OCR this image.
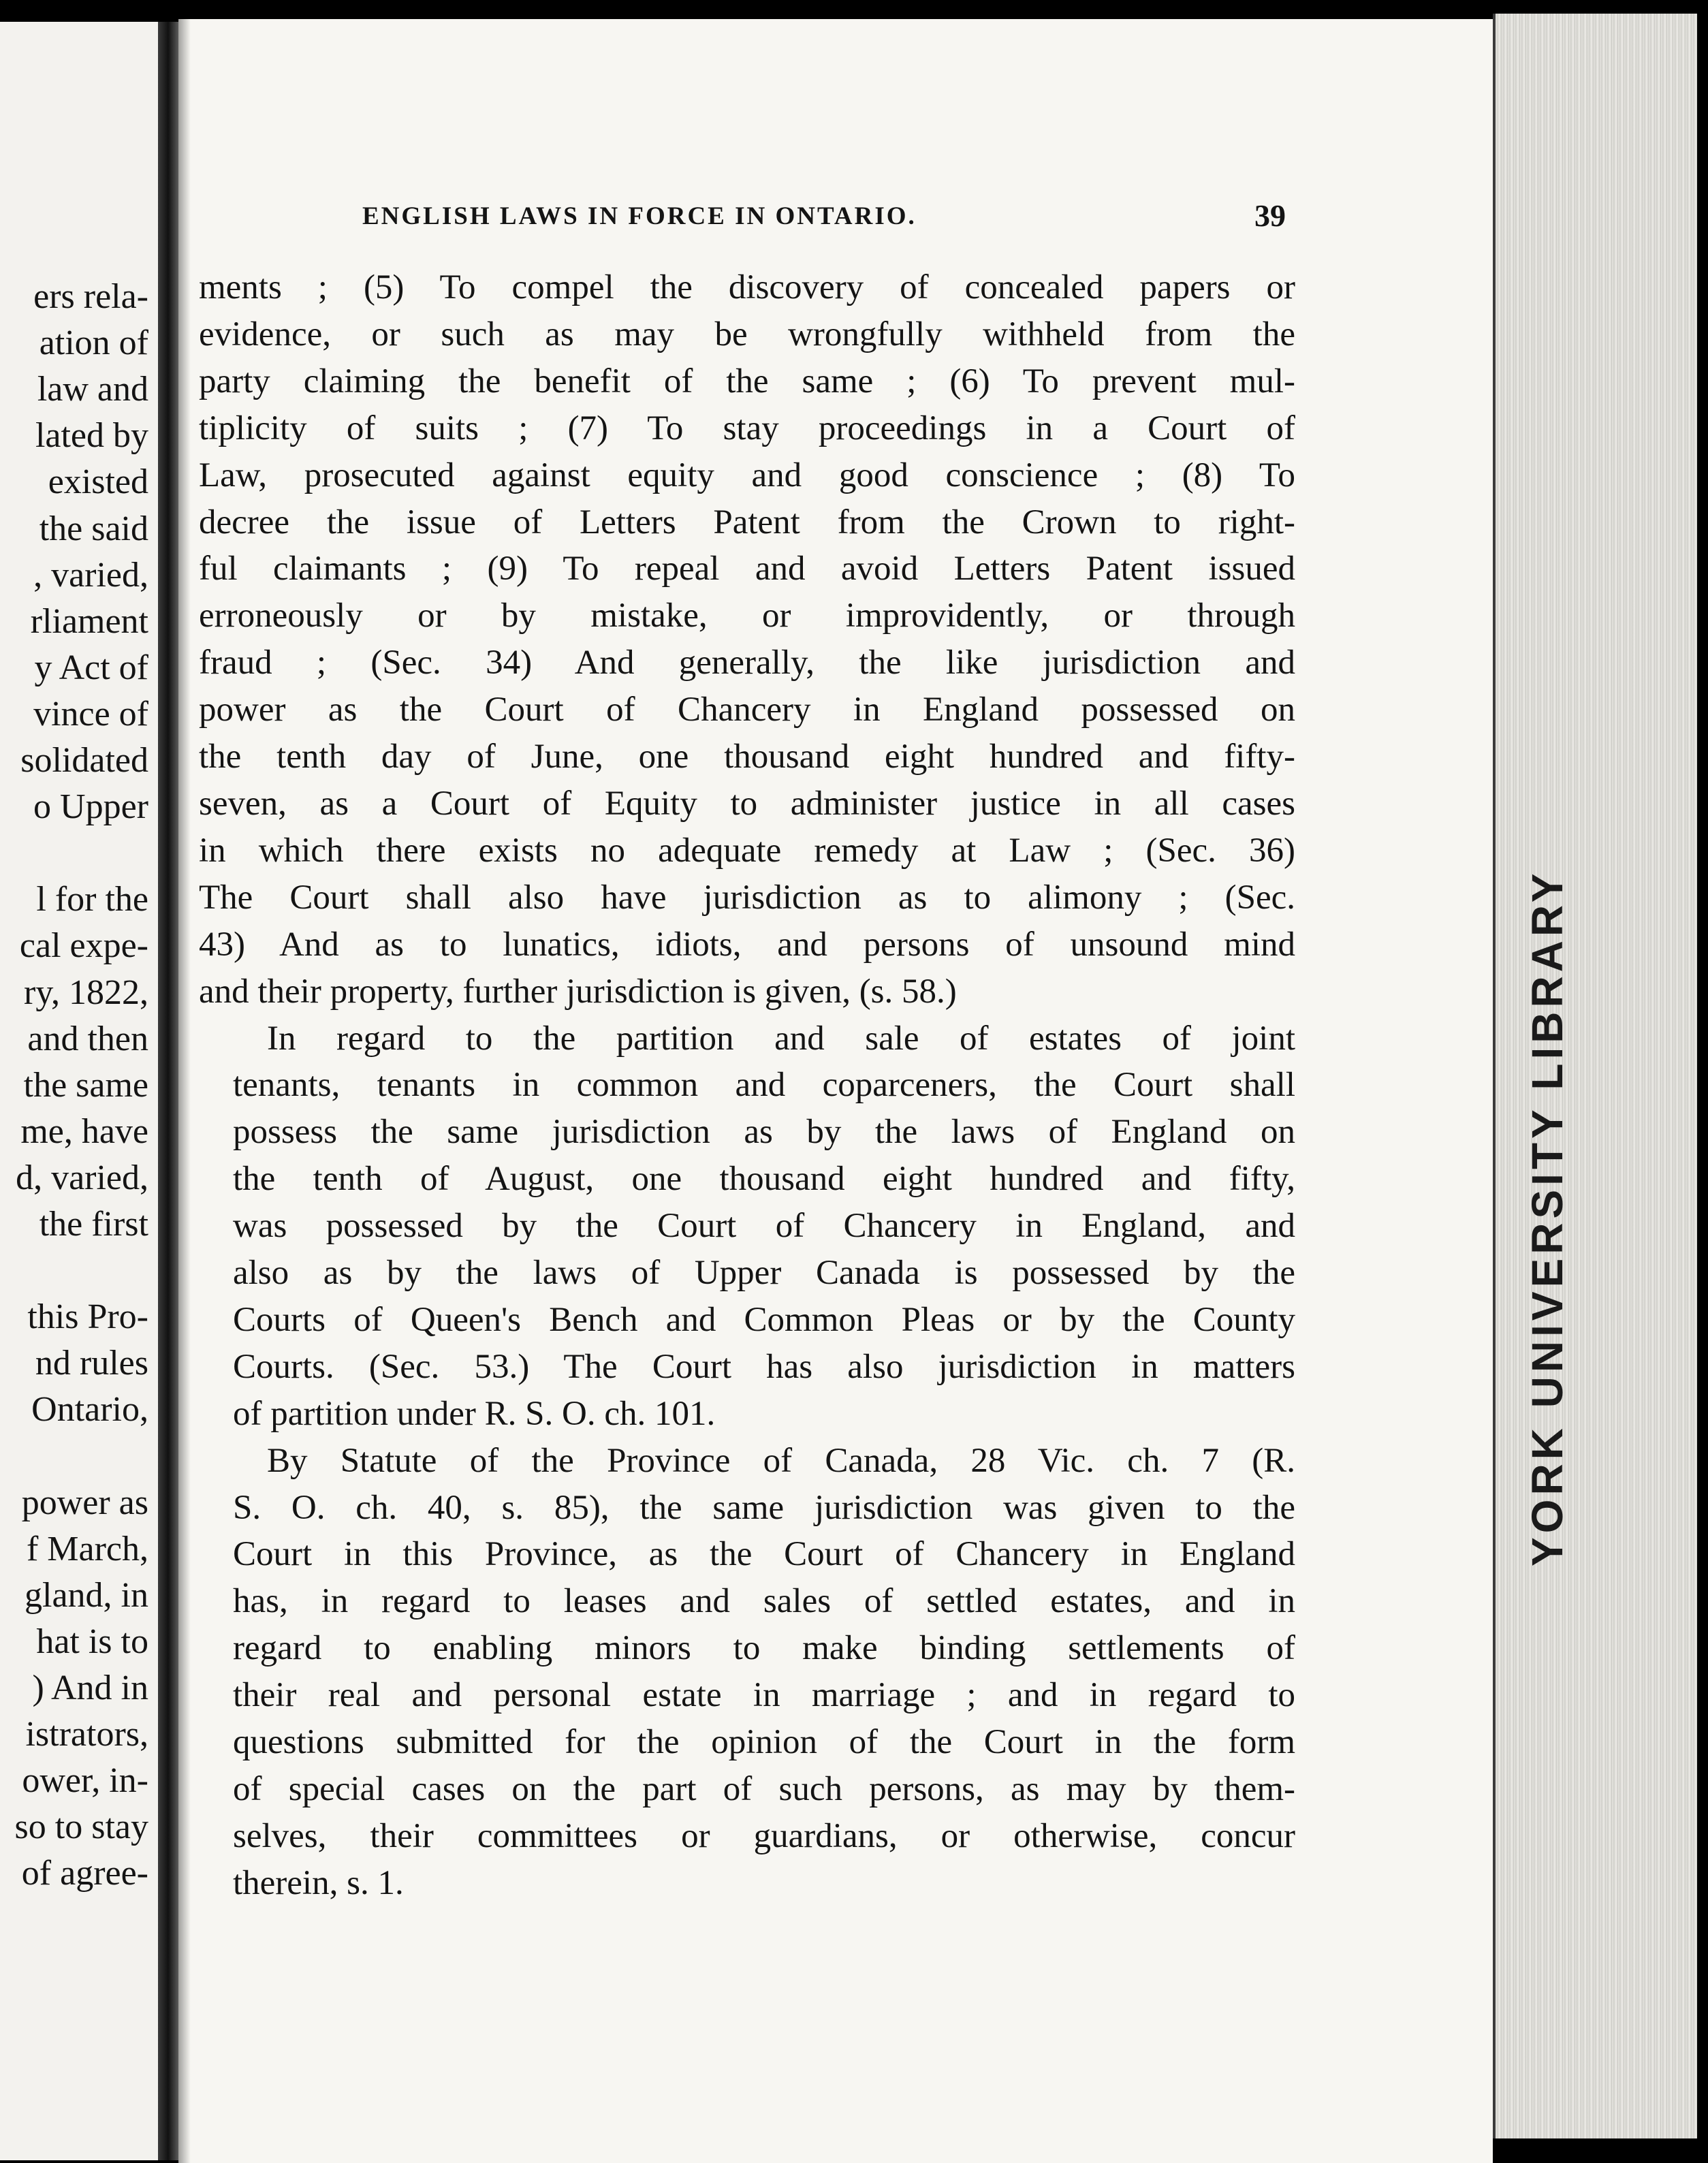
ers rela-
ation of
law and
lated by
existed
the said
, varied,
rliament
y Act of
vince of
solidated
o Upper
l for the
cal expe-
ry, 1822,
and then
the same
me, have
d, varied,
the first
this Pro-
nd rules
Ontario,
power as
f March,
gland, in
hat is to
) And in
istrators,
ower, in-
so to stay
of agree-
ENGLISH LAWS IN FORCE IN ONTARIO.	39

ments ; (5) To compel the discovery of concealed papers or
evidence, or such as may be wrongfully withheld from the
party claiming the benefit of the same ; (6) To prevent mul-
tiplicity of suits ; (7) To stay proceedings in a Court of
Law, prosecuted against equity and good conscience ; (8) To
decree the issue of Letters Patent from the Crown to right-
ful claimants ; (9) To repeal and avoid Letters Patent issued
erroneously or by mistake, or improvidently, or through
fraud ; (Sec. 34) And generally, the like jurisdiction and
power as the Court of Chancery in England possessed on
the tenth day of June, one thousand eight hundred and fifty-
seven, as a Court of Equity to administer justice in all cases
in which there exists no adequate remedy at Law ; (Sec. 36)
The Court shall also have jurisdiction as to alimony ; (Sec.
43) And as to lunatics, idiots, and persons of unsound mind
and their property, further jurisdiction is given, (s. 58.)

In regard to the partition and sale of estates of joint
tenants, tenants in common and coparceners, the Court shall
possess the same jurisdiction as by the laws of England on
the tenth of August, one thousand eight hundred and fifty,
was possessed by the Court of Chancery in England, and
also as by the laws of Upper Canada is possessed by the
Courts of Queen's Bench and Common Pleas or by the County
Courts. (Sec. 53.) The Court has also jurisdiction in matters
of partition under R. S. O. ch. 101.

By Statute of the Province of Canada, 28 Vic. ch. 7 (R.
S. O. ch. 40, s. 85), the same jurisdiction was given to the
Court in this Province, as the Court of Chancery in England
has, in regard to leases and sales of settled estates, and in
regard to enabling minors to make binding settlements of
their real and personal estate in marriage ; and in regard to
questions submitted for the opinion of the Court in the form
of special cases on the part of such persons, as may by them-
selves, their committees or guardians, or otherwise, concur
therein, s. 1.

YORK UNIVERSITY LIBRARY
